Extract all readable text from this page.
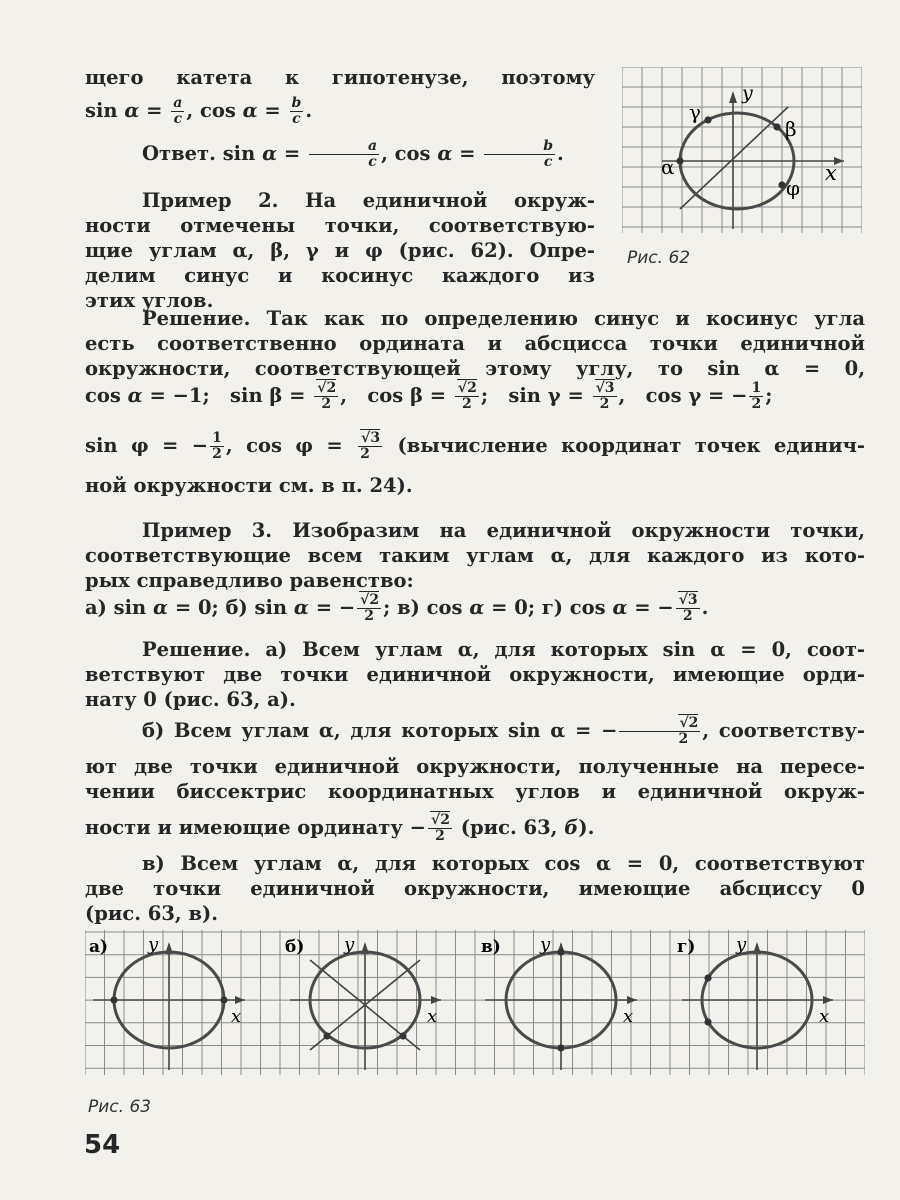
щего катета к гипотенузе, поэтому
$\sin \alpha = \frac{a}{c}$ , $\cos \alpha = \frac{b}{c}$ .
Ответ. $\sin \alpha = \frac{a}{c}$ , $\cos \alpha = \frac{b}{c}$ .
Пример 2. На единичной окруж-
ности отмечены точки, соответствую-
щие углам α, β, γ и φ (рис. 62). Опре-
делим синус и косинус каждого из
этих углов.
α
β
γ
φ
y
x
Рис. 62
Решение. Так как по определению синус и косинус угла
есть соответственно ордината и абсцисса точки единичной
окружности, соответствующей этому углу, то sin α = 0,
cos α = −1;   $\sin \beta = \frac{√2}{2}$ ,   $\cos \beta = \frac{√2}{2}$ ;   $\sin \gamma = \frac{√3}{2}$ ,   cos γ = − $\frac{1}{2}$ ;
sin φ = − $\frac{1}{2}$ , $\cos \varphi = \frac{√3}{2}$ (вычисление координат точек единич-
ной окружности см. в п. 24).
Пример 3. Изобразим на единичной окружности точки,
соответствующие всем таким углам α, для каждого из кото-
рых справедливо равенство:
а) sin α = 0; б) sin α = − $\frac{√2}{2}$ ; в) cos α = 0; г) cos α = − $\frac{√3}{2}$ .
Решение. а) Всем углам α, для которых sin α = 0, соот-
ветствуют две точки единичной окружности, имеющие орди-
нату 0 (рис. 63, а).
б) Всем углам α, для которых sin α = − $\frac{√2}{2}$ , соответству-
ют две точки единичной окружности, полученные на пересе-
чении биссектрис координатных углов и единичной окруж-
ности и имеющие ординату − $\frac{√2}{2} (рис$. 63, б).
в) Всем углам α, для которых cos α = 0, соответствуют
две точки единичной окружности, имеющие абсциссу 0
(рис. 63, в).
а)	б)	в)	г)
y
x
y
x
y
x
y
x
Рис. 63
54
